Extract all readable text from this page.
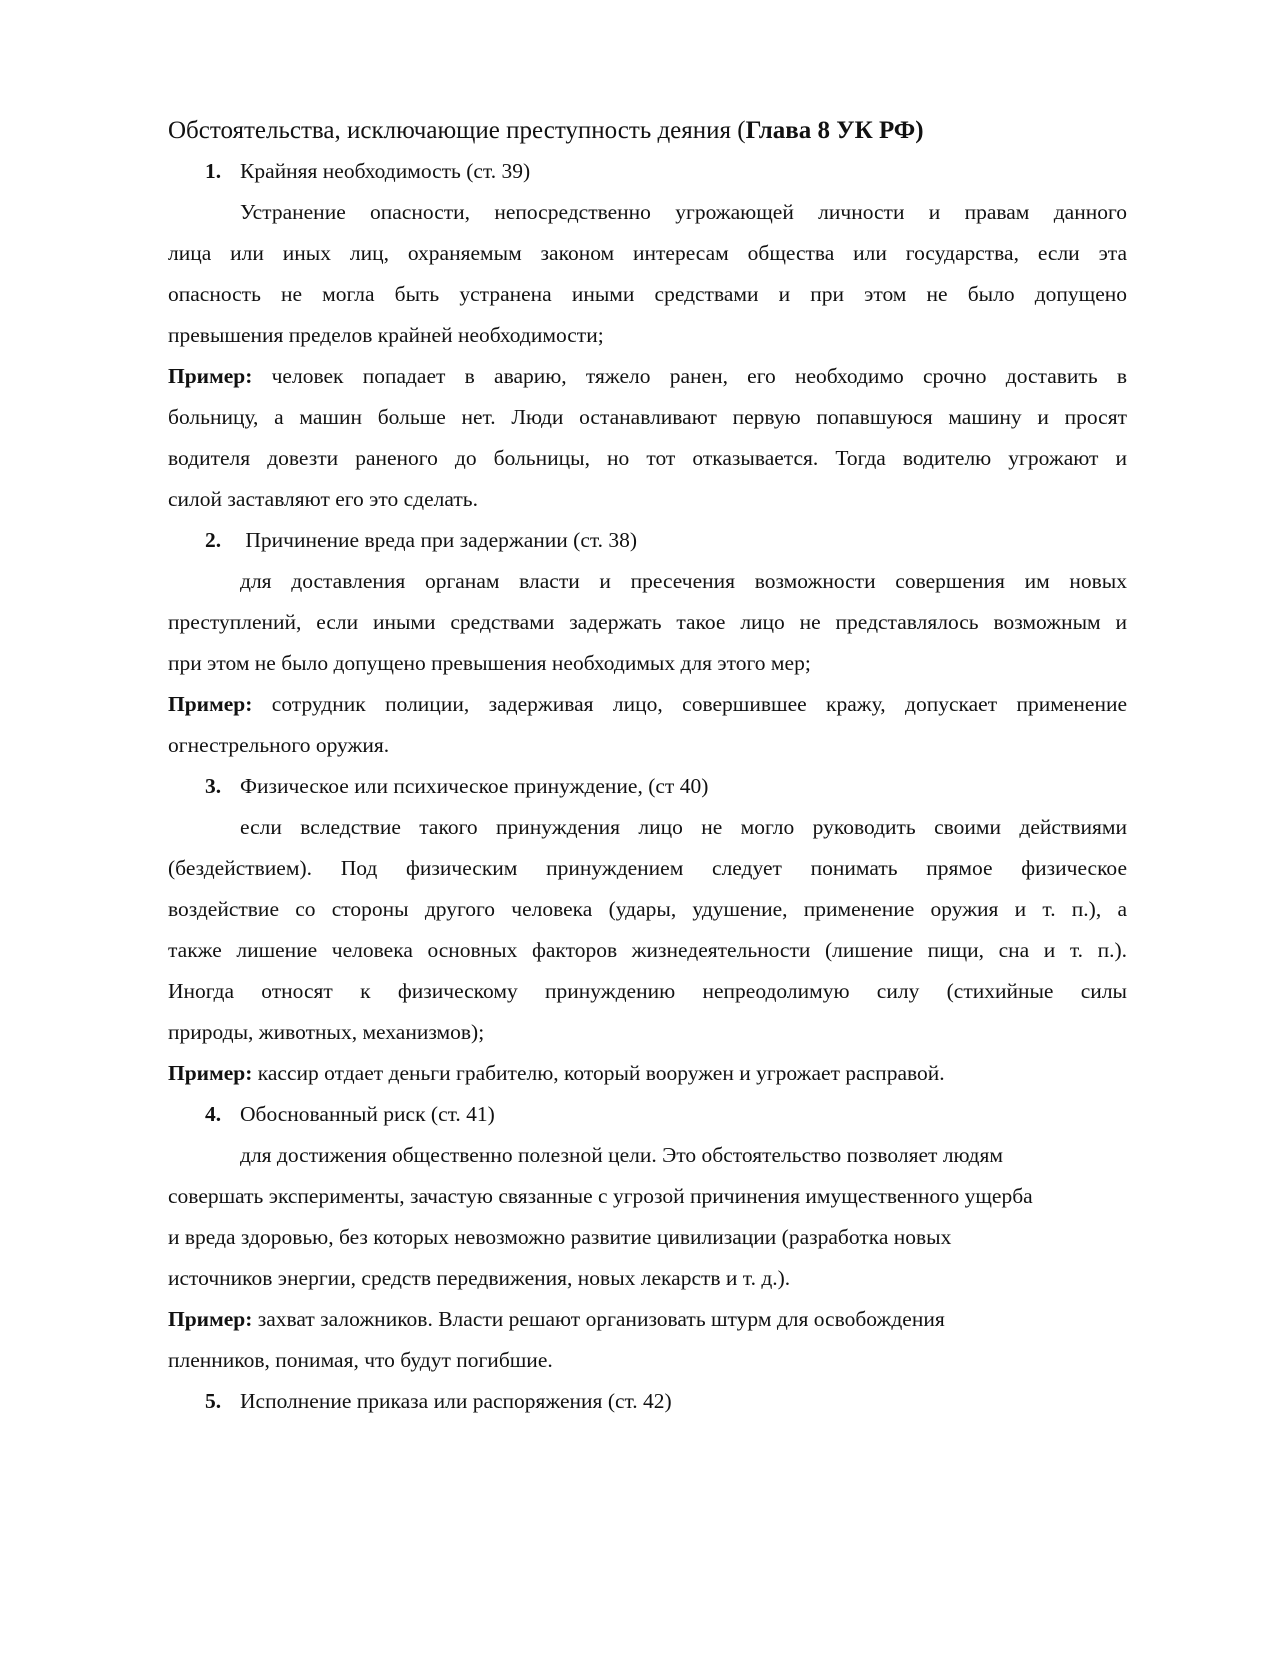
Обстоятельства, исключающие преступность деяния (Глава 8 УК РФ)
1. Крайняя необходимость (ст. 39)
Устранение опасности, непосредственно угрожающей личности и правам данного
лица или иных лиц, охраняемым законом интересам общества или государства, если эта
опасность не могла быть устранена иными средствами и при этом не было допущено
превышения пределов крайней необходимости;
Пример: человек попадает в аварию, тяжело ранен, его необходимо срочно доставить в
больницу, а машин больше нет. Люди останавливают первую попавшуюся машину и просят
водителя довезти раненого до больницы, но тот отказывается. Тогда водителю угрожают и
силой заставляют его это сделать.
2. Причинение вреда при задержании (ст. 38)
для доставления органам власти и пресечения возможности совершения им новых
преступлений, если иными средствами задержать такое лицо не представлялось возможным и
при этом не было допущено превышения необходимых для этого мер;
Пример: сотрудник полиции, задерживая лицо, совершившее кражу, допускает применение
огнестрельного оружия.
3. Физическое или психическое принуждение, (ст 40)
если вследствие такого принуждения лицо не могло руководить своими действиями
(бездействием). Под физическим принуждением следует понимать прямое физическое
воздействие со стороны другого человека (удары, удушение, применение оружия и т. п.), а
также лишение человека основных факторов жизнедеятельности (лишение пищи, сна и т. п.).
Иногда относят к физическому принуждению непреодолимую силу (стихийные силы
природы, животных, механизмов);
Пример: кассир отдает деньги грабителю, который вооружен и угрожает расправой.
4. Обоснованный риск (ст. 41)
для достижения общественно полезной цели. Это обстоятельство позволяет людям
совершать эксперименты, зачастую связанные с угрозой причинения имущественного ущерба
и вреда здоровью, без которых невозможно развитие цивилизации (разработка новых
источников энергии, средств передвижения, новых лекарств и т. д.).
Пример: захват заложников. Власти решают организовать штурм для освобождения
пленников, понимая, что будут погибшие.
5. Исполнение приказа или распоряжения (ст. 42)
